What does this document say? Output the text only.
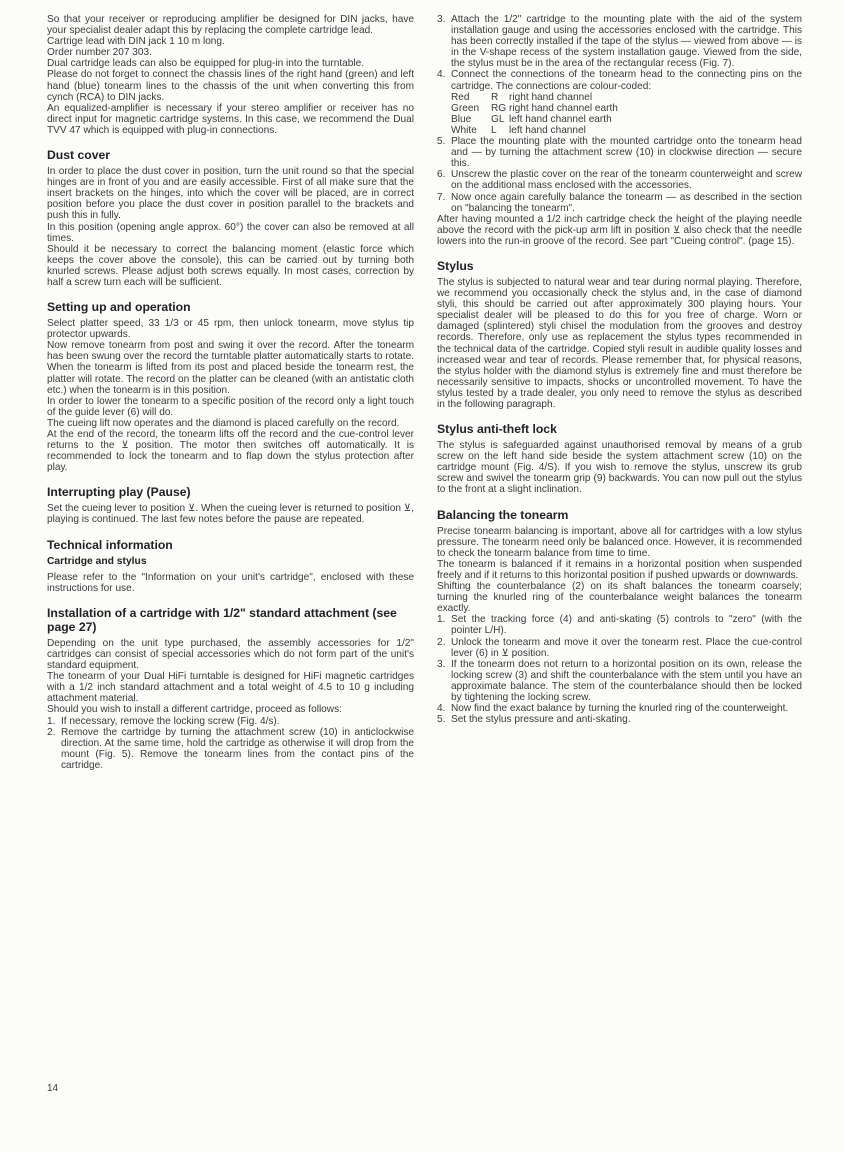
So that your receiver or reproducing amplifier be designed for DIN jacks, have your specialist dealer adapt this by replacing the complete cartridge lead.

Cartrige lead with DIN jack 1 10 m long.

Order number 207 303.

Dual cartridge leads can also be equipped for plug-in into the turntable.

Please do not forget to connect the chassis lines of the right hand (green) and left hand (blue) tonearm lines to the chassis of the unit when converting this from cynch (RCA) to DIN jacks.

An equalized-amplifier is necessary if your stereo amplifier or receiver has no direct input for magnetic cartridge systems. In this case, we recommend the Dual TVV 47 which is equipped with plug-in connections.

Dust cover

In order to place the dust cover in position, turn the unit round so that the special hinges are in front of you and are easily accessible. First of all make sure that the insert brackets on the hinges, into which the cover will be placed, are in correct position before you place the dust cover in position parallel to the brackets and push this in fully.

In this position (opening angle approx. 60°) the cover can also be removed at all times.

Should it be necessary to correct the balancing moment (elastic force which keeps the cover above the console), this can be carried out by turning both knurled screws. Please adjust both screws equally. In most cases, correction by half a screw turn each will be sufficient.

Setting up and operation

Select platter speed, 33 1/3 or 45 rpm, then unlock tonearm, move stylus tip protector upwards.

Now remove tonearm from post and swing it over the record. After the tonearm has been swung over the record the turntable platter automatically starts to rotate. When the tonearm is lifted from its post and placed beside the tonearm rest, the platter will rotate. The record on the platter can be cleaned (with an antistatic cloth etc.) when the tonearm is in this position.

In order to lower the tonearm to a specific position of the record only a light touch of the guide lever (6) will do.

The cueing lift now operates and the diamond is placed carefully on the record.

At the end of the record, the tonearm lifts off the record and the cue-control lever returns to the ⊻ position. The motor then switches off automatically. It is recommended to lock the tonearm and to flap down the stylus protection after play.

Interrupting play (Pause)

Set the cueing lever to position ⊻. When the cueing lever is returned to position ⊻, playing is continued. The last few notes before the pause are repeated.

Technical information
Cartridge and stylus

Please refer to the "Information on your unit's cartridge", enclosed with these instructions for use.

Installation of a cartridge with 1/2" standard attachment (see page 27)

Depending on the unit type purchased, the assembly accessories for 1/2" cartridges can consist of special accessories which do not form part of the unit's standard equipment.

The tonearm of your Dual HiFi turntable is designed for HiFi magnetic cartridges with a 1/2 inch standard attachment and a total weight of 4.5 to 10 g including attachment material.

Should you wish to install a different cartridge, proceed as follows:

1. If necessary, remove the locking screw (Fig. 4/s).
2. Remove the cartridge by turning the attachment screw (10) in anticlockwise direction. At the same time, hold the cartridge as otherwise it will drop from the mount (Fig. 5). Remove the tonearm lines from the contact pins of the cartridge.
14
3. Attach the 1/2" cartridge to the mounting plate with the aid of the system installation gauge and using the accessories enclosed with the cartridge. This has been correctly installed if the tape of the stylus — viewed from above — is in the V-shape recess of the system installation gauge. Viewed from the side, the stylus must be in the area of the rectangular recess (Fig. 7).
4. Connect the connections of the tonearm head to the connecting pins on the cartridge. The connections are colour-coded:
Red	R	right hand channel
Green	RG right hand channel earth
Blue	GL left hand channel earth
White	L	left hand channel
5. Place the mounting plate with the mounted cartridge onto the tonearm head and — by turning the attachment screw (10) in clockwise direction — secure this.
6. Unscrew the plastic cover on the rear of the tonearm counterweight and screw on the additional mass enclosed with the accessories.
7. Now once again carefully balance the tonearm — as described in the section on "balancing the tonearm".

After having mounted a 1/2 inch cartridge check the height of the playing needle above the record with the pick-up arm lift in position ⊻ also check that the needle lowers into the run-in groove of the record. See part "Cueing control". (page 15).

Stylus

The stylus is subjected to natural wear and tear during normal playing. Therefore, we recommend you occasionally check the stylus and, in the case of diamond styli, this should be carried out after approximately 300 playing hours. Your specialist dealer will be pleased to do this for you free of charge. Worn or damaged (splintered) styli chisel the modulation from the grooves and destroy records. Therefore, only use as replacement the stylus types recommended in the technical data of the cartridge. Copied styli result in audible quality losses and increased wear and tear of records. Please remember that, for physical reasons, the stylus holder with the diamond stylus is extremely fine and must therefore be necessarily sensitive to impacts, shocks or uncontrolled movement. To have the stylus tested by a trade dealer, you only need to remove the stylus as described in the following paragraph.

Stylus anti-theft lock

The stylus is safeguarded against unauthorised removal by means of a grub screw on the left hand side beside the system attachment screw (10) on the cartridge mount (Fig. 4/S). If you wish to remove the stylus, unscrew its grub screw and swivel the tonearm grip (9) backwards. You can now pull out the stylus to the front at a slight inclination.

Balancing the tonearm

Precise tonearm balancing is important, above all for cartridges with a low stylus pressure. The tonearm need only be balanced once. However, it is recommended to check the tonearm balance from time to time.

The tonearm is balanced if it remains in a horizontal position when suspended freely and if it returns to this horizontal position if pushed upwards or downwards.

Shifting the counterbalance (2) on its shaft balances the tonearm coarsely; turning the knurled ring of the counterbalance weight balances the tonearm exactly.

1. Set the tracking force (4) and anti-skating (5) controls to "zero" (with the pointer L/H).
2. Unlock the tonearm and move it over the tonearm rest. Place the cue-control lever (6) in ⊻ position.
3. If the tonearm does not return to a horizontal position on its own, release the locking screw (3) and shift the counterbalance with the stem until you have an approximate balance. The stem of the counterbalance should then be locked by tightening the locking screw.
4. Now find the exact balance by turning the knurled ring of the counterweight.
5. Set the stylus pressure and anti-skating.
